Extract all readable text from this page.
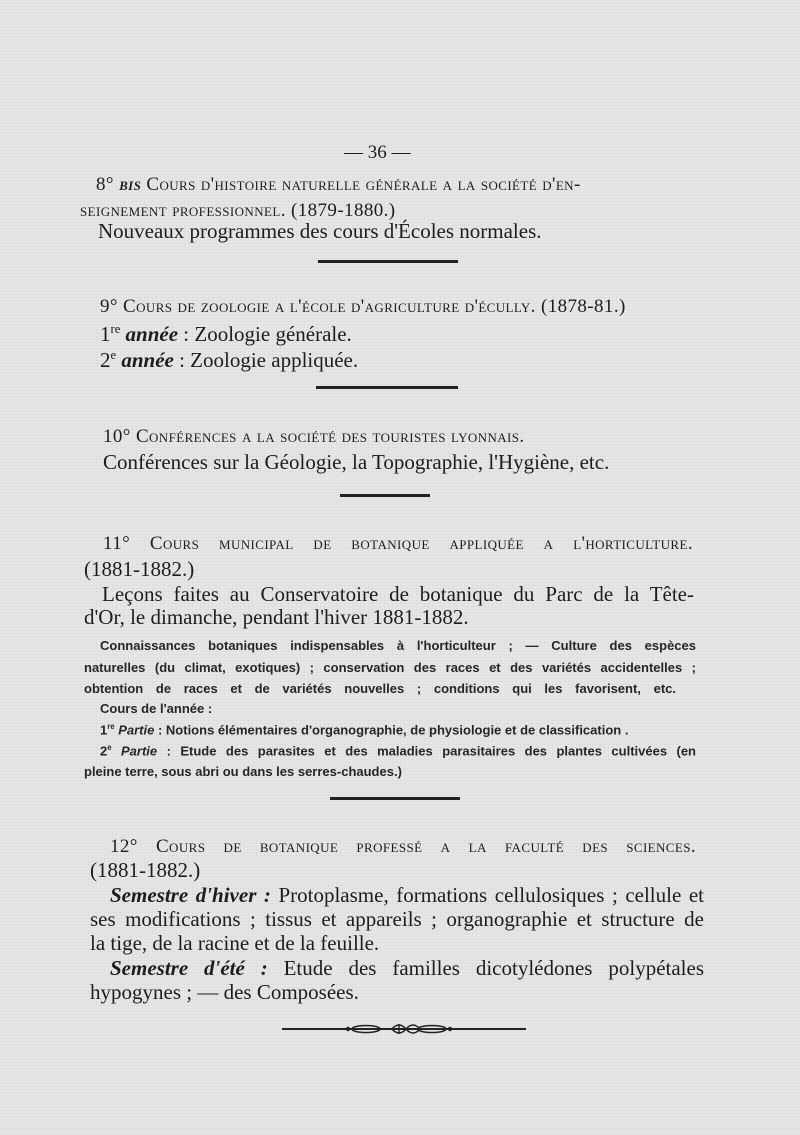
— 36 —
8° bis Cours d'histoire naturelle générale a la société d'en-
seignement professionnel. (1879-1880.)
Nouveaux programmes des cours d'Écoles normales.
9° Cours de zoologie a l'école d'agriculture d'écully. (1878-81.)
1re année : Zoologie générale.
2e année : Zoologie appliquée.
10° Conférences a la société des touristes lyonnais.
Conférences sur la Géologie, la Topographie, l'Hygiène, etc.
11° Cours municipal de botanique appliquée a l'horticulture.
(1881-1882.)
Leçons faites au Conservatoire de botanique du Parc de la Tête-
d'Or, le dimanche, pendant l'hiver 1881-1882.
Connaissances botaniques indispensables à l'horticulteur ; — Culture des espèces
naturelles (du climat, exotiques) ; conservation des races et des variétés accidentelles ;
obtention de races et de variétés nouvelles ; conditions qui les favorisent, etc.
Cours de l'année :
1re Partie : Notions élémentaires d'organographie, de physiologie et de classification .
2e Partie : Etude des parasites et des maladies parasitaires des plantes cultivées (en
pleine terre, sous abri ou dans les serres-chaudes.)
12° Cours de botanique professé a la faculté des sciences.
(1881-1882.)
Semestre d'hiver : Protoplasme, formations cellulosiques ; cellule et
ses modifications ; tissus et appareils ; organographie et structure de
la tige, de la racine et de la feuille.
Semestre d'été : Etude des familles dicotylédones polypétales
hypogynes ; — des Composées.
